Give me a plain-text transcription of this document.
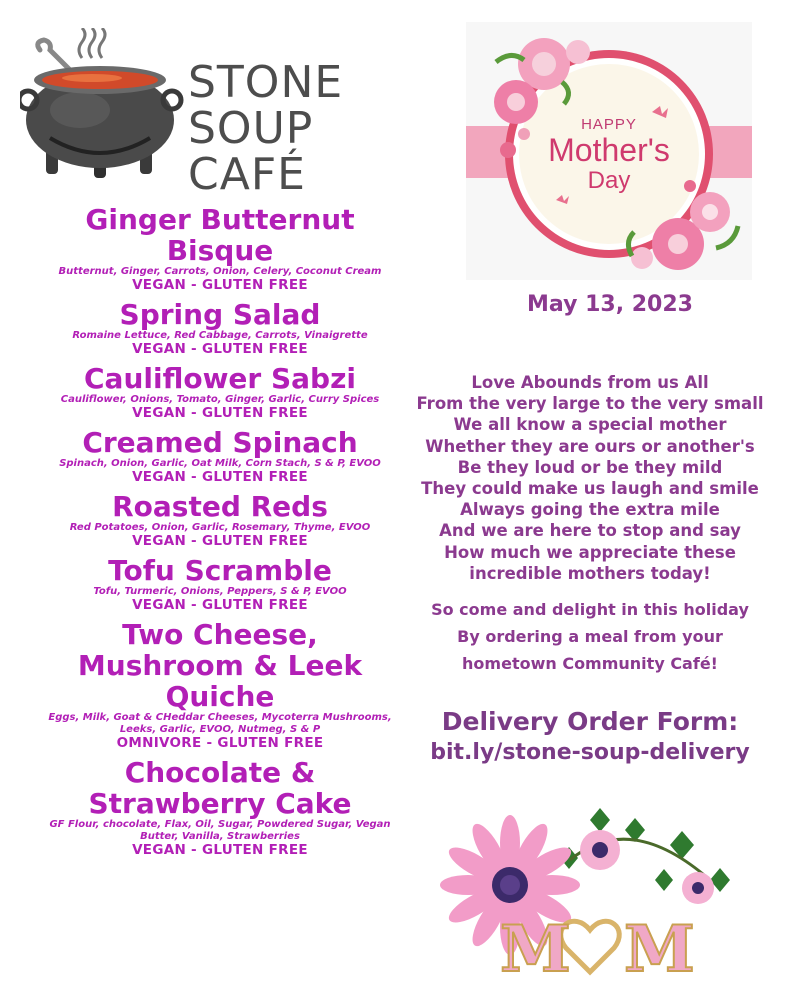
STONE
SOUP
CAFÉ
Ginger Butternut Bisque
Butternut, Ginger, Carrots, Onion, Celery, Coconut Cream
VEGAN - GLUTEN FREE
Spring Salad
Romaine Lettuce, Red Cabbage, Carrots, Vinaigrette
VEGAN - GLUTEN FREE
Cauliflower Sabzi
Cauliflower, Onions, Tomato, Ginger, Garlic, Curry Spices
VEGAN - GLUTEN FREE
Creamed Spinach
Spinach, Onion, Garlic, Oat Milk, Corn Stach, S & P, EVOO
VEGAN - GLUTEN FREE
Roasted Reds
Red Potatoes, Onion, Garlic, Rosemary, Thyme, EVOO
VEGAN - GLUTEN FREE
Tofu Scramble
Tofu, Turmeric, Onions, Peppers, S & P, EVOO
VEGAN - GLUTEN FREE
Two Cheese, Mushroom & Leek Quiche
Eggs, Milk, Goat & CHeddar Cheeses, Mycoterra Mushrooms, Leeks, Garlic, EVOO, Nutmeg, S & P
OMNIVORE - GLUTEN FREE
Chocolate & Strawberry Cake
GF Flour, chocolate, Flax, Oil, Sugar, Powdered Sugar, Vegan Butter, Vanilla, Strawberries
VEGAN - GLUTEN FREE
HAPPY
Mother's
Day
May 13, 2023
Love Abounds from us All
From the very large to the very small
We all know a special mother
Whether they are ours or another's
Be they loud or be they mild
They could make us laugh and smile
Always going the extra mile
And we are here to stop and say
How much we appreciate these
incredible mothers today!
So come and delight in this holiday
By ordering a meal from your
hometown Community Café!
Delivery Order Form:
bit.ly/stone-soup-delivery
M M
